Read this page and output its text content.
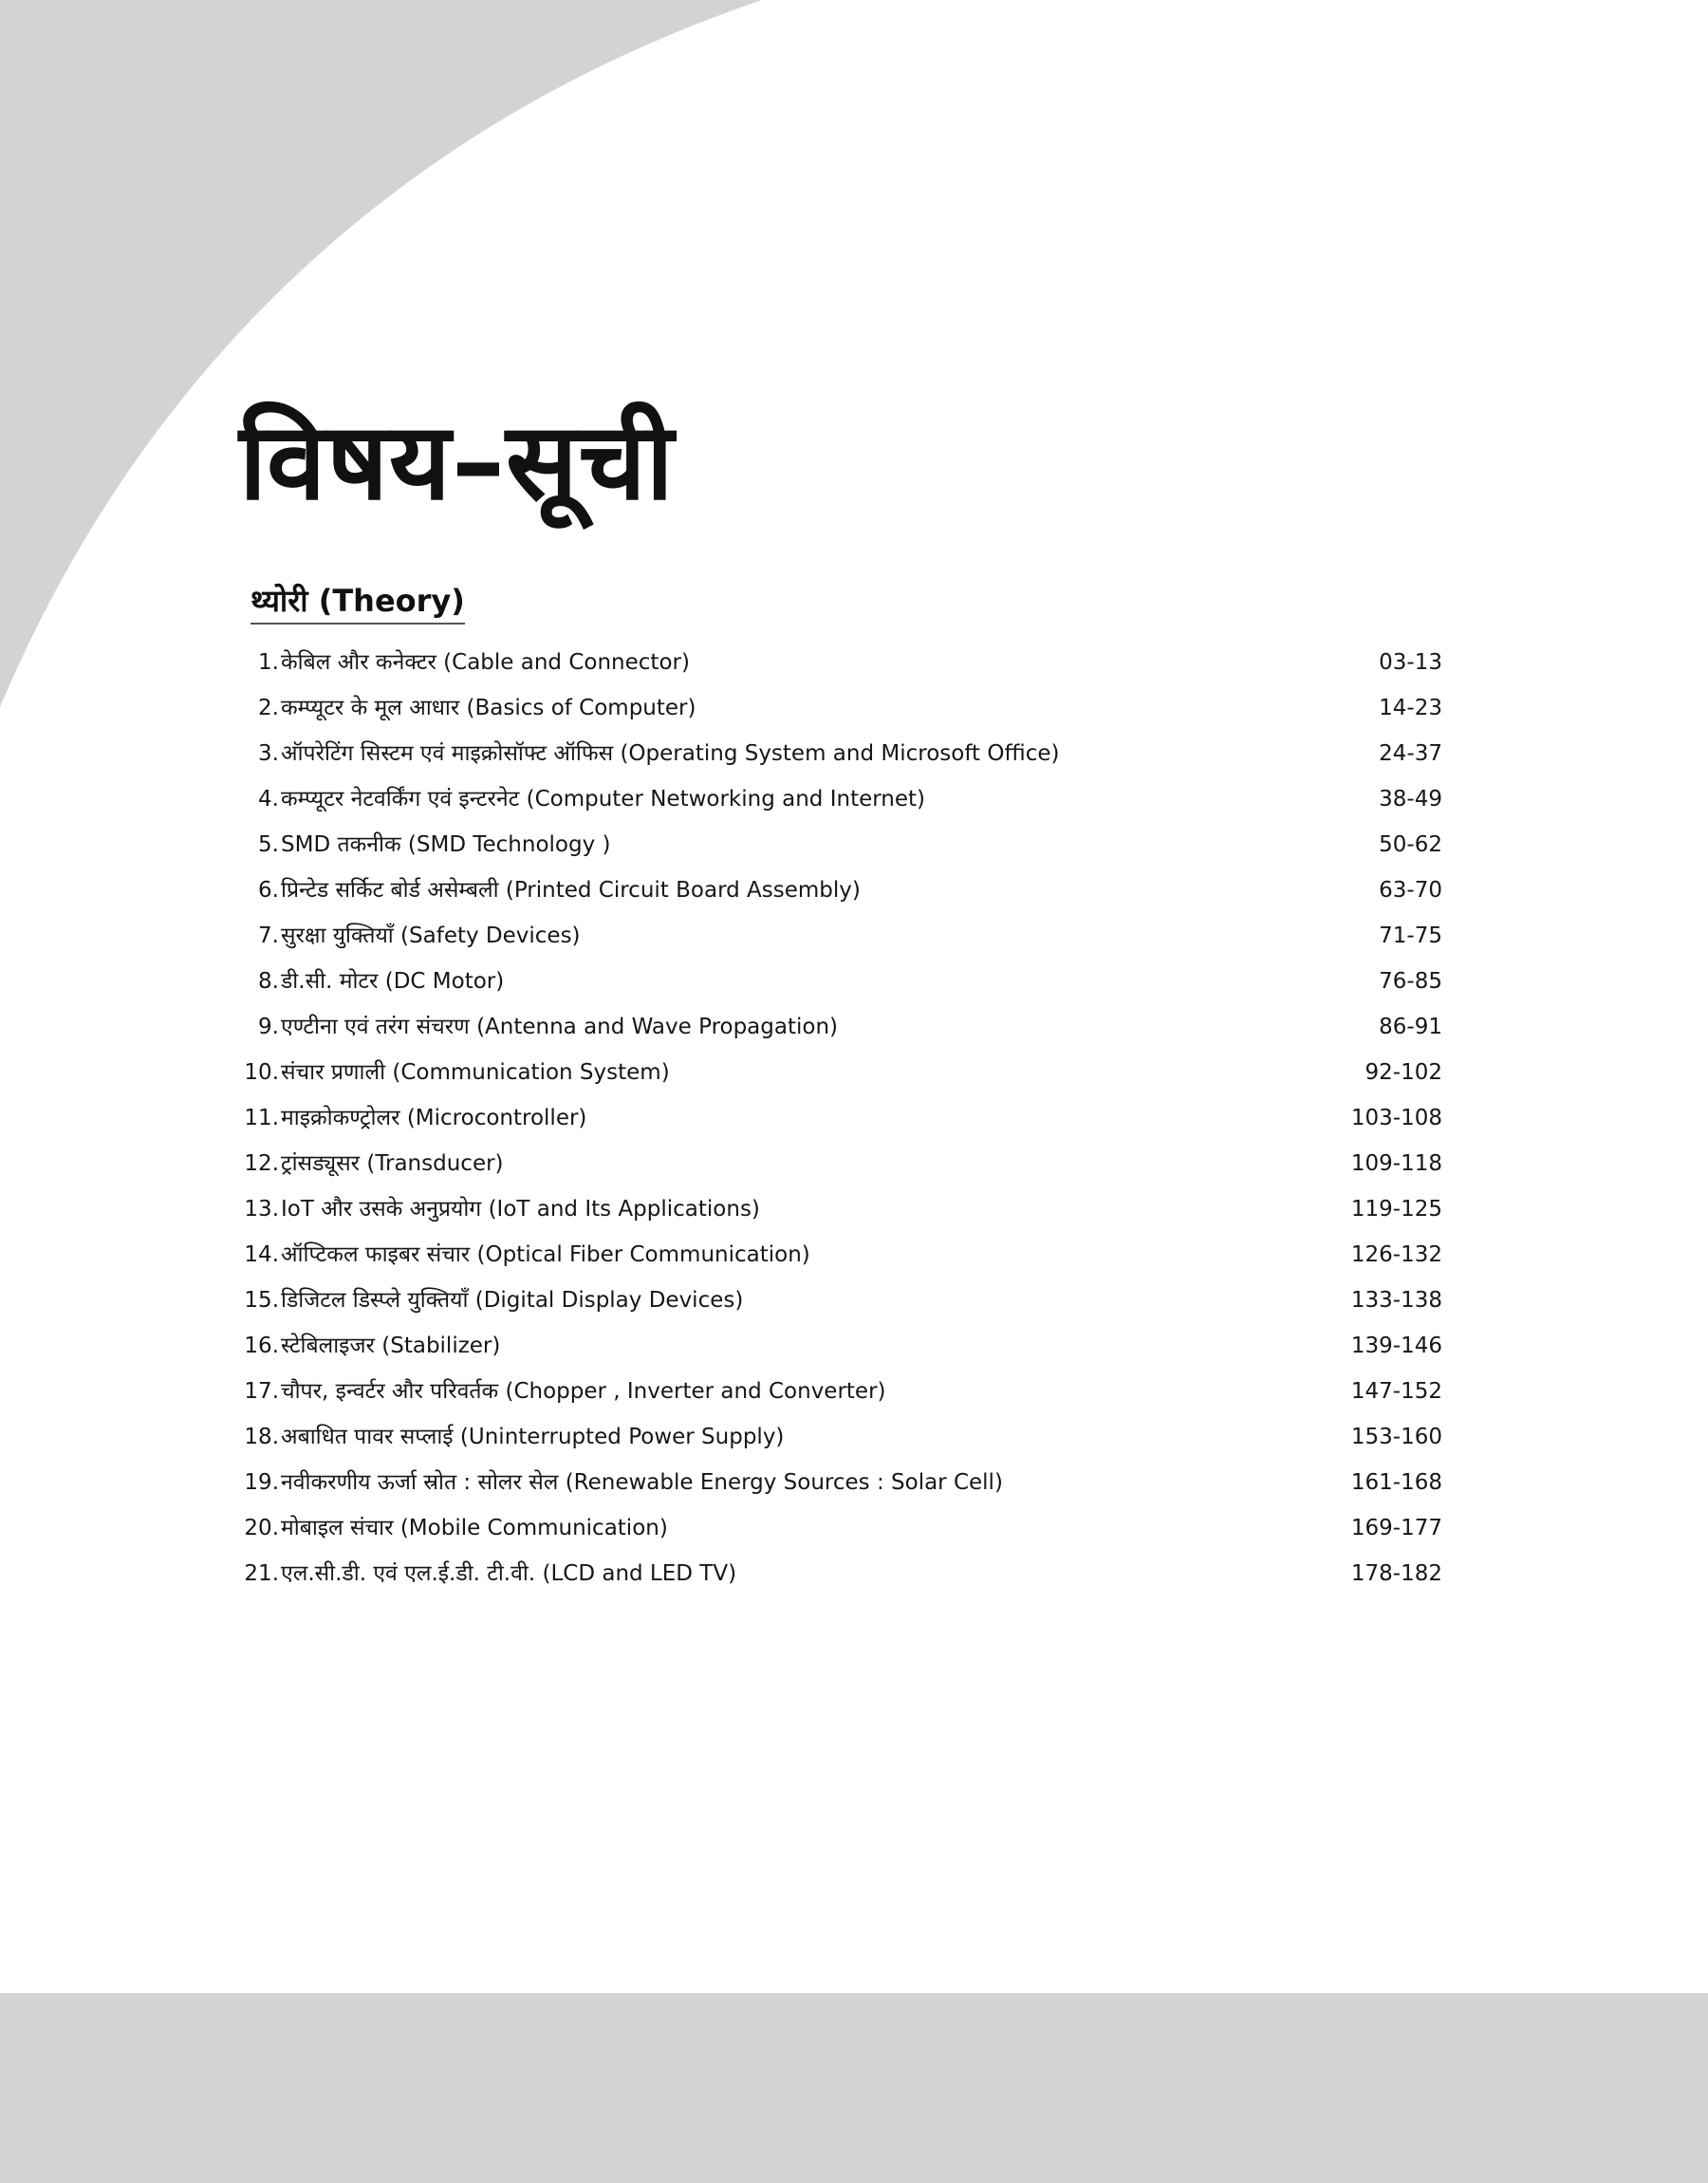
विषय–सूची
थ्योरी (Theory)
1. केबिल और कनेक्टर (Cable and Connector)	03-13
2. कम्प्यूटर के मूल आधार (Basics of Computer)	14-23
3. ऑपरेटिंग सिस्टम एवं माइक्रोसॉफ्ट ऑफिस (Operating System and Microsoft Office)	24-37
4. कम्प्यूटर नेटवर्किंग एवं इन्टरनेट (Computer Networking and Internet)	38-49
5. SMD तकनीक (SMD Technology )	50-62
6. प्रिन्टेड सर्किट बोर्ड असेम्बली (Printed Circuit Board Assembly)	63-70
7. सुरक्षा युक्तियाँ (Safety Devices)	71-75
8. डी.सी. मोटर (DC Motor)	76-85
9. एण्टीना एवं तरंग संचरण (Antenna and Wave Propagation)	86-91
10. संचार प्रणाली (Communication System)	92-102
11. माइक्रोकण्ट्रोलर (Microcontroller)	103-108
12. ट्रांसड्यूसर (Transducer)	109-118
13. IoT और उसके अनुप्रयोग (IoT and Its Applications)	119-125
14. ऑप्टिकल फाइबर संचार (Optical Fiber Communication)	126-132
15. डिजिटल डिस्प्ले युक्तियाँ (Digital Display Devices)	133-138
16. स्टेबिलाइजर (Stabilizer)	139-146
17. चौपर, इन्वर्टर और परिवर्तक (Chopper , Inverter and Converter)	147-152
18. अबाधित पावर सप्लाई (Uninterrupted Power Supply)	153-160
19. नवीकरणीय ऊर्जा स्रोत : सोलर सेल (Renewable Energy Sources : Solar Cell)	161-168
20. मोबाइल संचार (Mobile Communication)	169-177
21. एल.सी.डी. एवं एल.ई.डी. टी.वी. (LCD and LED TV)	178-182
